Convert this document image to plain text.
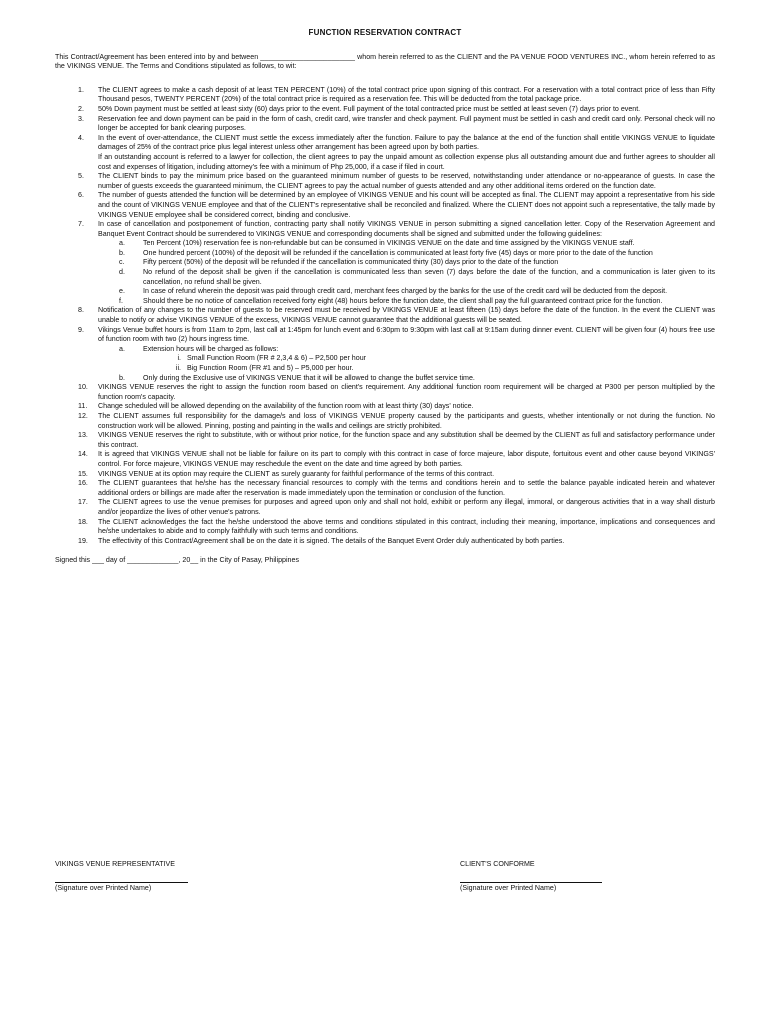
FUNCTION RESERVATION CONTRACT
This Contract/Agreement has been entered into by and between ________________________ whom herein referred to as the CLIENT and the PA VENUE FOOD VENTURES INC., whom herein referred to as the VIKINGS VENUE. The Terms and Conditions stipulated as follows, to wit:
1. The CLIENT agrees to make a cash deposit of at least TEN PERCENT (10%) of the total contract price upon signing of this contract. For a reservation with a total contract price of less than Fifty Thousand pesos, TWENTY PERCENT (20%) of the total contract price is required as a reservation fee. This will be deducted from the total package price.
2. 50% Down payment must be settled at least sixty (60) days prior to the event. Full payment of the total contracted price must be settled at least seven (7) days prior to event.
3. Reservation fee and down payment can be paid in the form of cash, credit card, wire transfer and check payment. Full payment must be settled in cash and credit card only. Personal check will no longer be accepted for bank clearing purposes.
4. In the event of over-attendance, the CLIENT must settle the excess immediately after the function. Failure to pay the balance at the end of the function shall entitle VIKINGS VENUE to liquidate damages of 25% of the contract price plus legal interest unless other arrangement has been agreed upon by both parties.
If an outstanding account is referred to a lawyer for collection, the client agrees to pay the unpaid amount as collection expense plus all outstanding amount due and further agrees to shoulder all cost and expenses of litigation, including attorney's fee with a minimum of Php 25,000, if a case if filed in court.
5. The CLIENT binds to pay the minimum price based on the guaranteed minimum number of guests to be reserved, notwithstanding under attendance or no-appearance of guests. In case the number of guests exceeds the guaranteed minimum, the CLIENT agrees to pay the actual number of guests attended and any other additional items ordered on the function date.
6. The number of guests attended the function will be determined by an employee of VIKINGS VENUE and his count will be accepted as final. The CLIENT may appoint a representative from his side and the count of VIKINGS VENUE employee and that of the CLIENT's representative shall be reconciled and finalized. Where the CLIENT does not appoint such a representative, the tally made by VIKINGS VENUE employee shall be considered correct, binding and conclusive.
7. In case of cancellation and postponement of function, contracting party shall notify VIKINGS VENUE in person submitting a signed cancellation letter. Copy of the Reservation Agreement and Banquet Event Contract should be surrendered to VIKINGS VENUE and corresponding documents shall be signed and submitted under the following guidelines:
a.	Ten Percent (10%) reservation fee is non-refundable but can be consumed in VIKINGS VENUE on the date and time assigned by the VIKINGS VENUE staff.
b.	One hundred percent (100%) of the deposit will be refunded if the cancellation is communicated at least forty five (45) days or more prior to the date of the function
c.	Fifty percent (50%) of the deposit will be refunded if the cancellation is communicated thirty (30) days prior to the date of the function
d.	No refund of the deposit shall be given if the cancellation is communicated less than seven (7) days before the date of the function, and a communication is later given to its cancellation, no refund shall be given.
e.	In case of refund wherein the deposit was paid through credit card, merchant fees charged by the banks for the use of the credit card will be deducted from the deposit.
f.	Should there be no notice of cancellation received forty eight (48) hours before the function date, the client shall pay the full guaranteed contract price for the function.
8. Notification of any changes to the number of guests to be reserved must be received by VIKINGS VENUE at least fifteen (15) days before the date of the function. In the event the CLIENT was unable to notify or advise VIKINGS VENUE of the excess, VIKINGS VENUE cannot guarantee that the additional guests will be seated.
9. Vikings Venue buffet hours is from 11am to 2pm, last call at 1:45pm for lunch event and 6:30pm to 9:30pm with last call at 9:15am during dinner event. CLIENT will be given four (4) hours free use of function room with two (2) hours ingress time.
a.	Extension hours will be charged as follows:
i. Small Function Room (FR # 2,3,4 & 6) – P2,500 per hour
ii. Big Function Room (FR #1 and 5) – P5,000 per hour.
b.	Only during the Exclusive use of VIKINGS VENUE that it will be allowed to change the buffet service time.
10. VIKINGS VENUE reserves the right to assign the function room based on client's requirement. Any additional function room requirement will be charged at P300 per person multiplied by the function room's capacity.
11. Change scheduled will be allowed depending on the availability of the function room with at least thirty (30) days' notice.
12. The CLIENT assumes full responsibility for the damage/s and loss of VIKINGS VENUE property caused by the participants and guests, whether intentionally or not during the function. No construction work will be allowed. Pinning, posting and painting in the walls and ceilings are strictly prohibited.
13. VIKINGS VENUE reserves the right to substitute, with or without prior notice, for the function space and any substitution shall be deemed by the CLIENT as full and satisfactory performance under this contract.
14. It is agreed that VIKINGS VENUE shall not be liable for failure on its part to comply with this contract in case of force majeure, labor dispute, fortuitous event and other cause beyond VIKINGS' control. For force majeure, VIKINGS VENUE may reschedule the event on the date and time agreed by both parties.
15. VIKINGS VENUE at its option may require the CLIENT as surely guaranty for faithful performance of the terms of this contract.
16. The CLIENT guarantees that he/she has the necessary financial resources to comply with the terms and conditions herein and to settle the balance payable indicated herein and whatever additional orders or billings are made after the reservation is made immediately upon the termination or conclusion of the function.
17. The CLIENT agrees to use the venue premises for purposes and agreed upon only and shall not hold, exhibit or perform any illegal, immoral, or dangerous activities that in a way shall disturb and/or jeopardize the lives of other venue's patrons.
18. The CLIENT acknowledges the fact the he/she understood the above terms and conditions stipulated in this contract, including their meaning, importance, implications and consequences and he/she undertakes to abide and to comply faithfully with such terms and conditions.
19. The effectivity of this Contract/Agreement shall be on the date it is signed. The details of the Banquet Event Order duly authenticated by both parties.
Signed this ___ day of _____________, 20__ in the City of Pasay, Philippines
VIKINGS VENUE REPRESENTATIVE
(Signature over Printed Name)
CLIENT'S CONFORME
(Signature over Printed Name)
